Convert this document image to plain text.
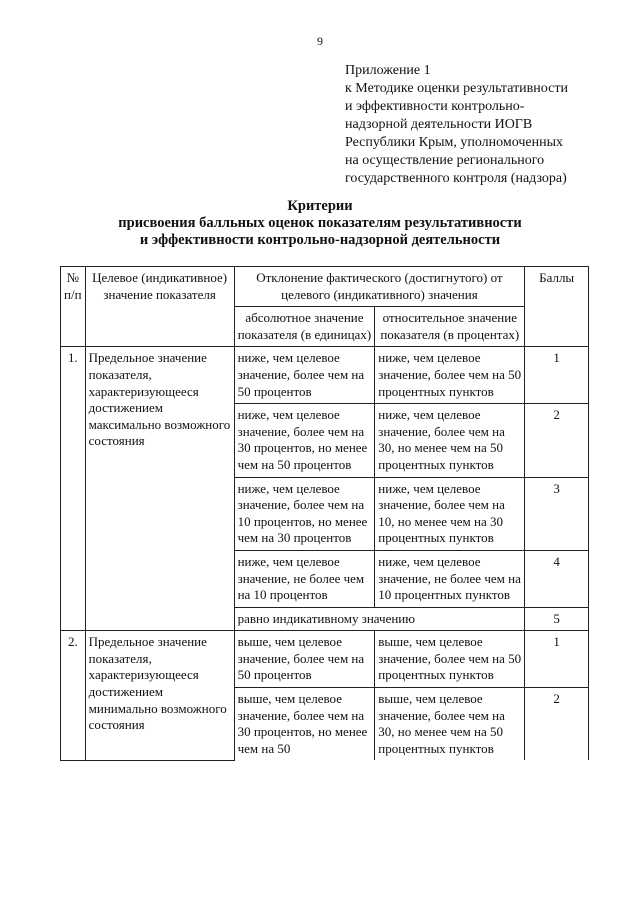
9
Приложение 1
к Методике оценки результативности
и эффективности контрольно-
надзорной деятельности ИОГВ
Республики Крым, уполномоченных
на осуществление регионального
государственного контроля (надзора)
Критерии
присвоения балльных оценок показателям результативности
и эффективности контрольно-надзорной деятельности
№ п/п	Целевое (индикативное) значение показателя	Отклонение фактического (достигнутого) от целевого (индикативного) значения		Баллы
		абсолютное значение показателя (в единицах)	относительное значение показателя (в процентах)	
1.	Предельное значение показателя, характеризующееся достижением максимально возможного состояния	ниже, чем целевое значение, более чем на 50 процентов	ниже, чем целевое значение, более чем на 50 процентных пунктов	1
		ниже, чем целевое значение, более чем на 30 процентов, но менее чем на 50 процентов	ниже, чем целевое значение, более чем на 30, но менее чем на 50 процентных пунктов	2
		ниже, чем целевое значение, более чем на 10 процентов, но менее чем на 30 процентов	ниже, чем целевое значение, более чем на 10, но менее чем на 30 процентных пунктов	3
		ниже, чем целевое значение, не более чем на 10 процентов	ниже, чем целевое значение, не более чем на 10 процентных пунктов	4
		равно индикативному значению		5
2.	Предельное значение показателя, характеризующееся достижением минимально возможного состояния	выше, чем целевое значение, более чем на 50 процентов	выше, чем целевое значение, более чем на 50 процентных пунктов	1
		выше, чем целевое значение, более чем на 30 процентов, но менее чем на 50	выше, чем целевое значение, более чем на 30, но менее чем на 50 процентных пунктов	2
